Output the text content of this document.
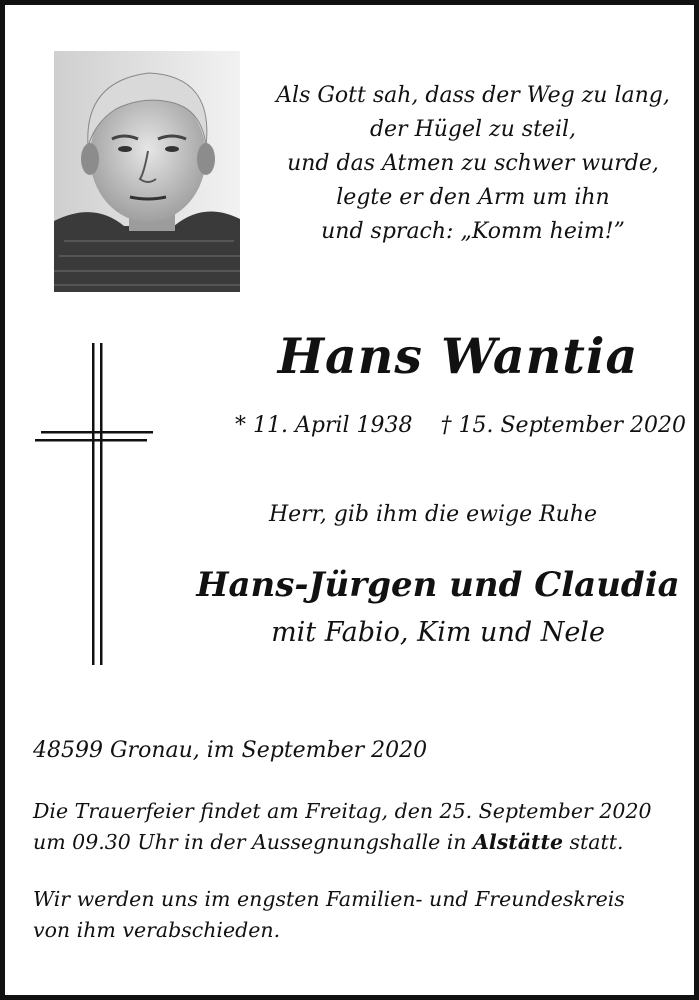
Als Gott sah, dass der Weg zu lang,
der Hügel zu steil,
und das Atmen zu schwer wurde,
legte er den Arm um ihn
und sprach: „Komm heim!”
Hans Wantia
* 11. April 1938 † 15. September 2020
Herr, gib ihm die ewige Ruhe
Hans-Jürgen und Claudia
mit Fabio, Kim und Nele
48599 Gronau, im September 2020
Die Trauerfeier findet am Freitag, den 25. September 2020
um 09.30 Uhr in der Aussegnungshalle in Alstätte statt.
Wir werden uns im engsten Familien- und Freundeskreis
von ihm verabschieden.
